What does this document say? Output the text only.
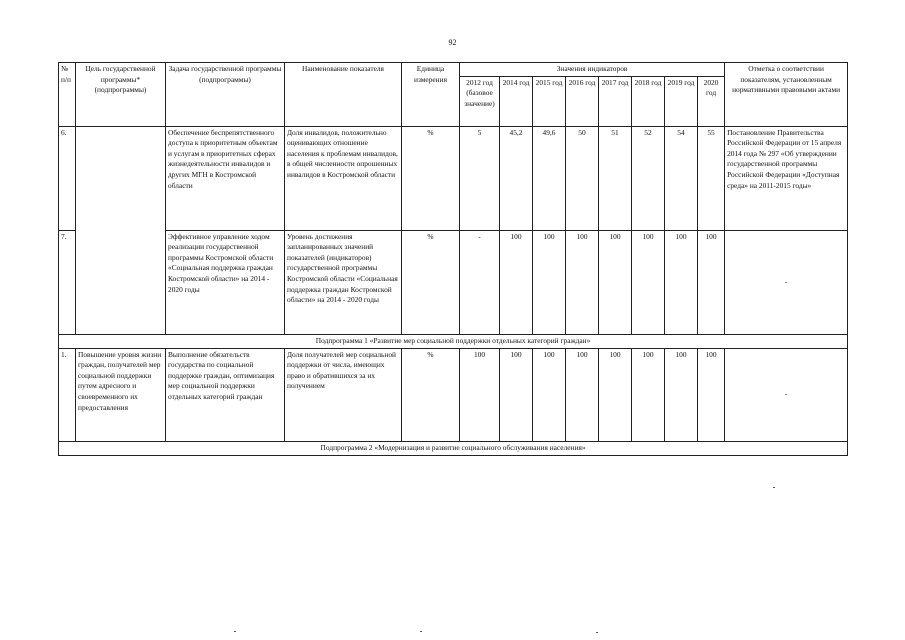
92
№ п/п	Цель государственной программы* (подпрограммы)	Задача государственной программы (подпрограммы)	Наименование показателя	Единица измерения	Значения индикаторов								Отметка о соответствии показателям, установленным нормативными правовыми актами
					2012 год (базовое значение)	2014 год	2015 год	2016 год	2017 год	2018 год	2019 год	2020 год	
6.		Обеспечение беспрепятственного доступа к приоритетным объектам и услугам в приоритетных сферах жизнедеятельности инвалидов и других МГН в Костромской области	Доля инвалидов, положительно оценивающих отношение населения к проблемам инвалидов, в общей численности опрошенных инвалидов в Костромской области	%	5	45,2	49,6	50	51	52	54	55	Постановление Правительства Российской Федерации от 15 апреля 2014 года № 297 «Об утверждении государственной программы Российской Федерации «Доступная среда» на 2011-2015 годы»
7.		Эффективное управление ходом реализации государственной программы Костромской области «Социальная поддержка граждан Костромской области» на 2014 - 2020 годы	Уровень достижения запланированных значений показателей (индикаторов) государственной программы Костромской области «Социальная поддержка граждан Костромской области» на 2014 - 2020 годы	%	-	100	100	100	100	100	100	100	-
Подпрограмма 1 «Развитие мер социальной поддержки отдельных категорий граждан»													
1.	Повышение уровня жизни граждан, получателей мер социальной поддержки путем адресного и своевременного их предоставления	Выполнение обязательств государства по социальной поддержке граждан, оптимизация мер социальной поддержки отдельных категорий граждан	Доля получателей мер социальной поддержки от числа, имеющих право и обратившихся за их получением	%	100	100	100	100	100	100	100	100	-
Подпрограмма 2 «Модернизация и развитие социального обслуживания населения»													
